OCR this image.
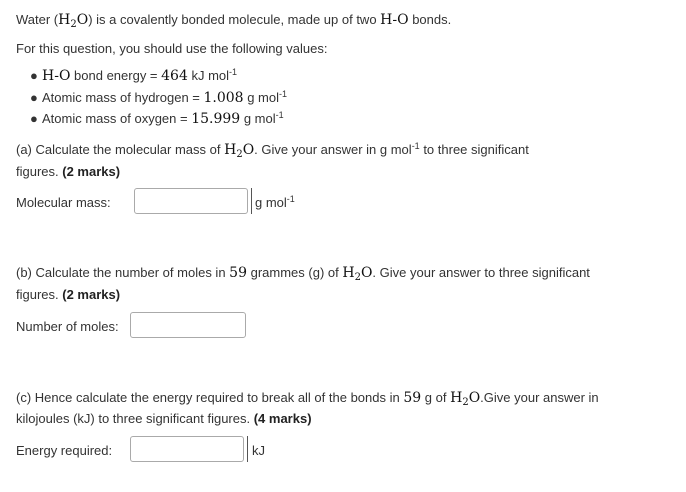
Water $(H_2O)$ is a covalently bonded molecule, made up of two H-O bonds.
For this question, you should use the following values:
● H-O bond energy = 464 kJ mol$^{-1}$
● Atomic mass of hydrogen = 1.008 g mol$^{-1}$
● Atomic mass of oxygen = 15.999 g mol$^{-1}$
(a) Calculate the molecular mass of $H_2O$. Give your answer in g mol$^{-1}$ to three significant
figures. (2 marks)
Molecular mass:	g mol$^{-1}$
(b) Calculate the number of moles in 59 grammes (g) of $H_2O$. Give your answer to three significant
figures. (2 marks)
Number of moles:
(c) Hence calculate the energy required to break all of the bonds in 59 g of $H_2O.Give$ your answer in
kilojoules (kJ) to three significant figures. (4 marks)
Energy required:	kJ
